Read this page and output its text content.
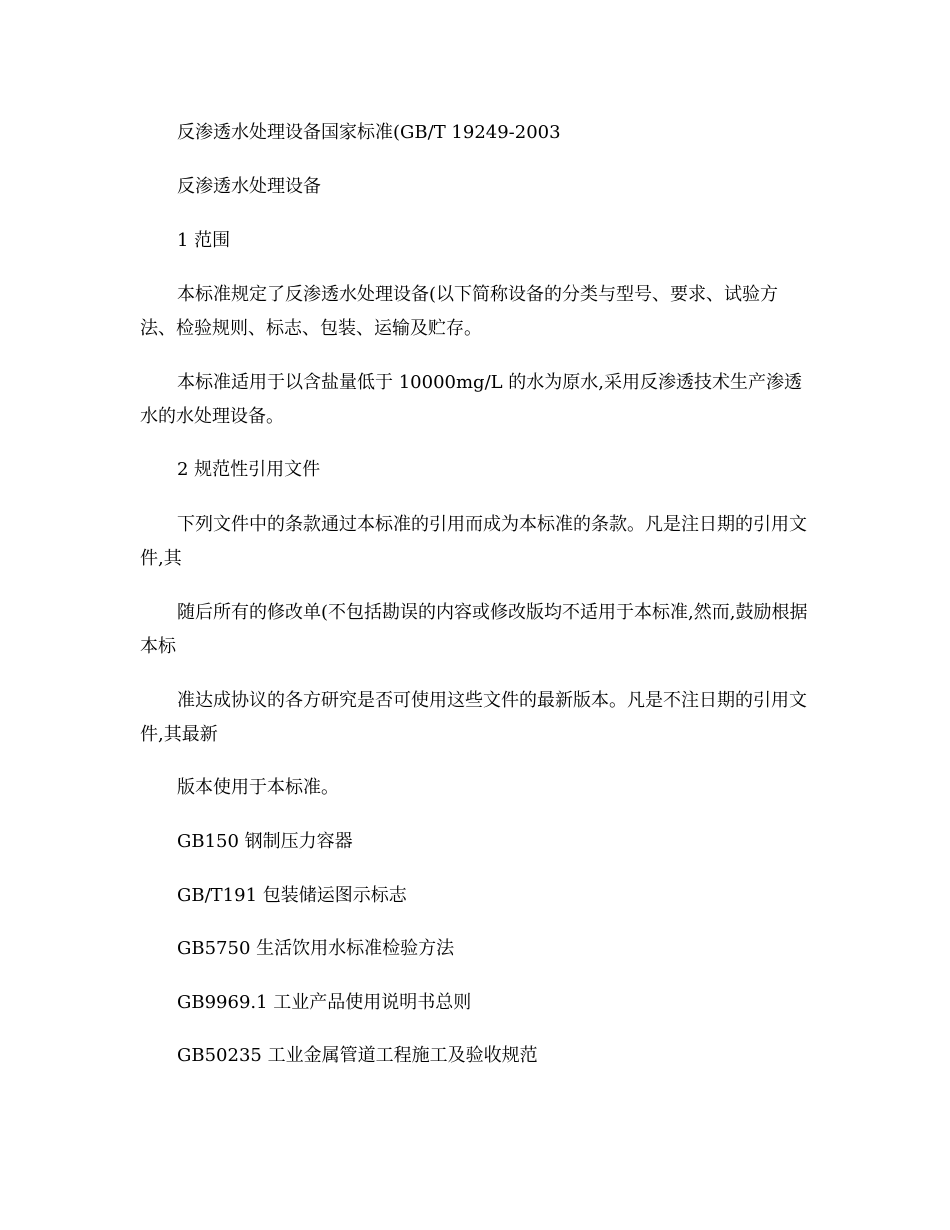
反渗透水处理设备国家标准(GB/T 19249-2003

反渗透水处理设备

1 范围

本标准规定了反渗透水处理设备(以下简称设备的分类与型号、要求、试验方法、检验规则、标志、包装、运输及贮存。

本标准适用于以含盐量低于 10000mg/L 的水为原水,采用反渗透技术生产渗透水的水处理设备。

2 规范性引用文件

下列文件中的条款通过本标准的引用而成为本标准的条款。凡是注日期的引用文件,其

随后所有的修改单(不包括勘误的内容或修改版均不适用于本标准,然而,鼓励根据本标

准达成协议的各方研究是否可使用这些文件的最新版本。凡是不注日期的引用文件,其最新

版本使用于本标准。

GB150 钢制压力容器

GB/T191 包装储运图示标志

GB5750 生活饮用水标准检验方法

GB9969.1 工业产品使用说明书总则

GB50235 工业金属管道工程施工及验收规范
